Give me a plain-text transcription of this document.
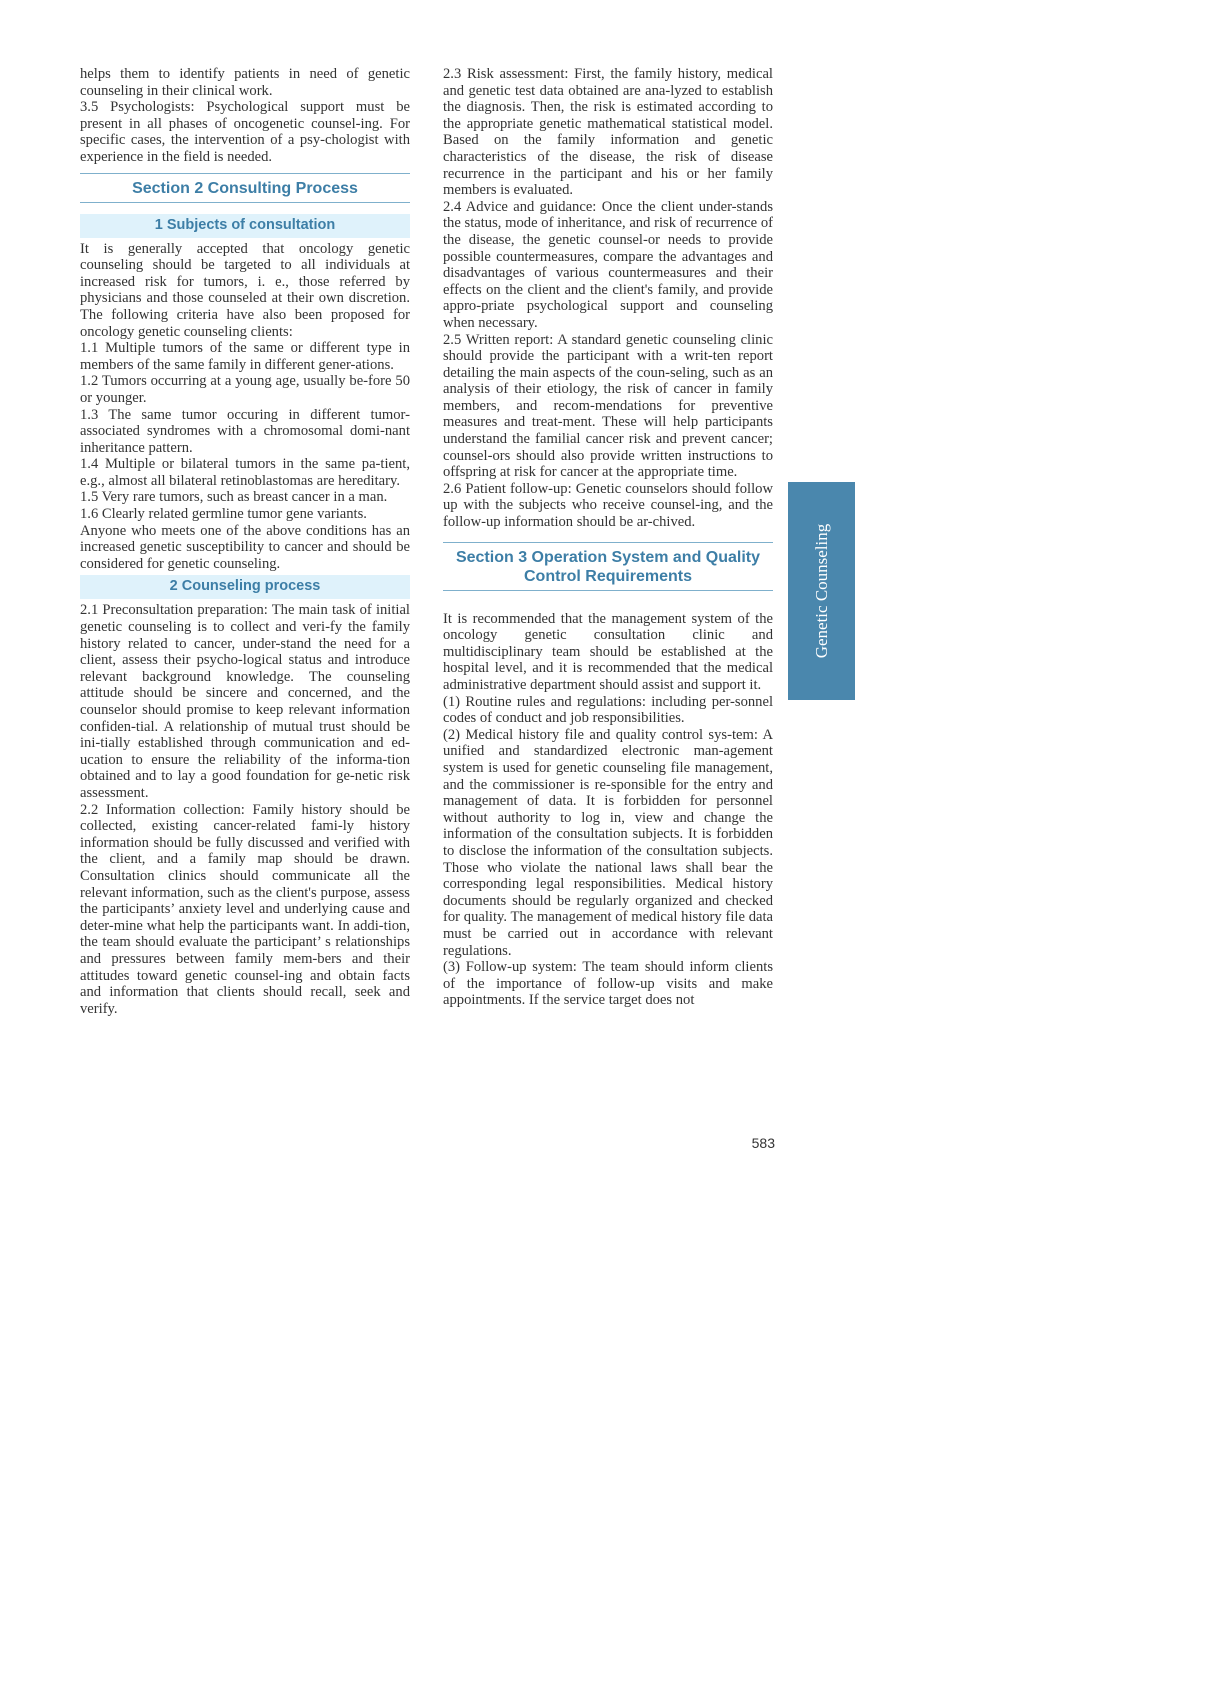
helps them to identify patients in need of genetic counseling in their clinical work.

3.5 Psychologists: Psychological support must be present in all phases of oncogenetic counsel-ing. For specific cases, the intervention of a psy-chologist with experience in the field is needed.

Section 2 Consulting Process
1 Subjects of consultation

It is generally accepted that oncology genetic counseling should be targeted to all individuals at increased risk for tumors, i. e., those referred by physicians and those counseled at their own discretion. The following criteria have also been proposed for oncology genetic counseling clients:

1.1 Multiple tumors of the same or different type in members of the same family in different gener-ations.

1.2 Tumors occurring at a young age, usually be-fore 50 or younger.

1.3 The same tumor occuring in different tumor-associated syndromes with a chromosomal domi-nant inheritance pattern.

1.4 Multiple or bilateral tumors in the same pa-tient, e.g., almost all bilateral retinoblastomas are hereditary.

1.5 Very rare tumors, such as breast cancer in a man.

1.6 Clearly related germline tumor gene variants.

Anyone who meets one of the above conditions has an increased genetic susceptibility to cancer and should be considered for genetic counseling.

2 Counseling process

2.1 Preconsultation preparation: The main task of initial genetic counseling is to collect and veri-fy the family history related to cancer, under-stand the need for a client, assess their psycho-logical status and introduce relevant background knowledge. The counseling attitude should be sincere and concerned, and the counselor should promise to keep relevant information confiden-tial. A relationship of mutual trust should be ini-tially established through communication and ed-ucation to ensure the reliability of the informa-tion obtained and to lay a good foundation for ge-netic risk assessment.

2.2 Information collection: Family history should be collected, existing cancer-related fami-ly history information should be fully discussed and verified with the client, and a family map should be drawn. Consultation clinics should communicate all the relevant information, such as the client's purpose, assess the participants’ anxiety level and underlying cause and deter-mine what help the participants want. In addi-tion, the team should evaluate the participant’ s relationships and pressures between family mem-bers and their attitudes toward genetic counsel-ing and obtain facts and information that clients should recall, seek and verify.

2.3 Risk assessment: First, the family history, medical and genetic test data obtained are ana-lyzed to establish the diagnosis. Then, the risk is estimated according to the appropriate genetic mathematical statistical model. Based on the family information and genetic characteristics of the disease, the risk of disease recurrence in the participant and his or her family members is evaluated.

2.4 Advice and guidance: Once the client under-stands the status, mode of inheritance, and risk of recurrence of the disease, the genetic counsel-or needs to provide possible countermeasures, compare the advantages and disadvantages of various countermeasures and their effects on the client and the client's family, and provide appro-priate psychological support and counseling when necessary.

2.5 Written report: A standard genetic counseling clinic should provide the participant with a writ-ten report detailing the main aspects of the coun-seling, such as an analysis of their etiology, the risk of cancer in family members, and recom-mendations for preventive measures and treat-ment. These will help participants understand the familial cancer risk and prevent cancer; counsel-ors should also provide written instructions to offspring at risk for cancer at the appropriate time.

2.6 Patient follow-up: Genetic counselors should follow up with the subjects who receive counsel-ing, and the follow-up information should be ar-chived.

Section 3 Operation System and Quality
Control Requirements

It is recommended that the management system of the oncology genetic consultation clinic and multidisciplinary team should be established at the hospital level, and it is recommended that the medical administrative department should assist and support it.

(1) Routine rules and regulations: including per-sonnel codes of conduct and job responsibilities.

(2) Medical history file and quality control sys-tem: A unified and standardized electronic man-agement system is used for genetic counseling file management, and the commissioner is re-sponsible for the entry and management of data. It is forbidden for personnel without authority to log in, view and change the information of the consultation subjects. It is forbidden to disclose the information of the consultation subjects. Those who violate the national laws shall bear the corresponding legal responsibilities. Medical history documents should be regularly organized and checked for quality. The management of medical history file data must be carried out in accordance with relevant regulations.

(3) Follow-up system: The team should inform clients of the importance of follow-up visits and make appointments. If the service target does not

583
Genetic Counseling
